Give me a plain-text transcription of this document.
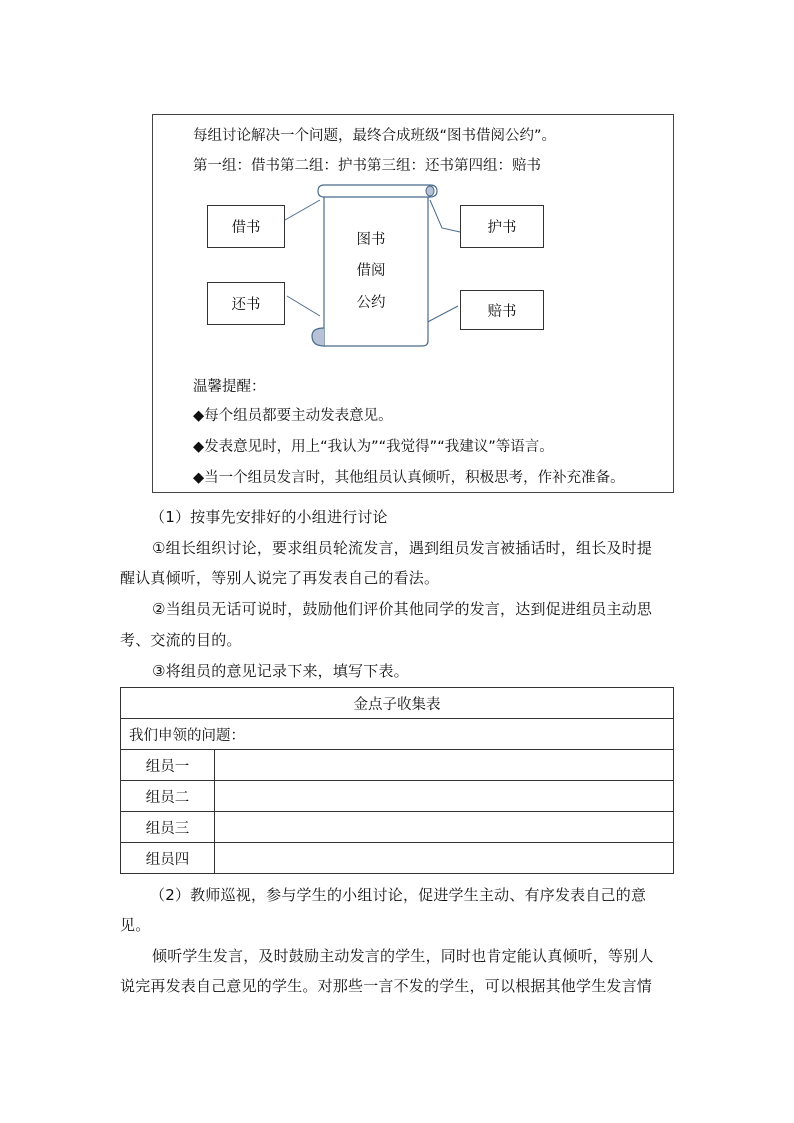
每组讨论解决一个问题，最终合成班级“图书借阅公约”。
第一组：借书第二组：护书第三组：还书第四组：赔书
借书	护书
还书	赔书
图书
借阅
公约
温馨提醒：
◆每个组员都要主动发表意见。
◆发表意见时，用上“我认为”“我觉得”“我建议”等语言。
◆当一个组员发言时，其他组员认真倾听，积极思考，作补充准备。
（1）按事先安排好的小组进行讨论
①组长组织讨论，要求组员轮流发言，遇到组员发言被插话时，组长及时提
醒认真倾听，等别人说完了再发表自己的看法。
②当组员无话可说时，鼓励他们评价其他同学的发言，达到促进组员主动思
考、交流的目的。
③将组员的意见记录下来，填写下表。
金点子收集表	
我们申领的问题：	
组员一	
组员二	
组员三	
组员四	
（2）教师巡视，参与学生的小组讨论，促进学生主动、有序发表自己的意
见。
倾听学生发言，及时鼓励主动发言的学生，同时也肯定能认真倾听，等别人
说完再发表自己意见的学生。对那些一言不发的学生，可以根据其他学生发言情
